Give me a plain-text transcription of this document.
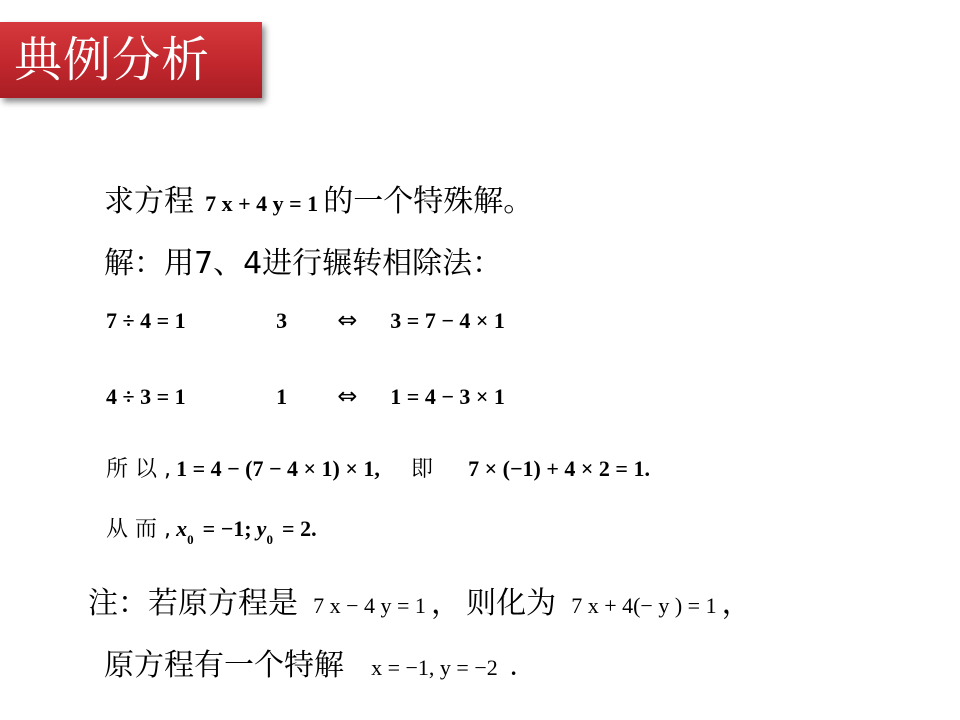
典例分析
求方程 7 x + 4 y = 1 的一个特殊解。
解：用7、4进行辗转相除法：
7 ÷ 4 = 1	3 ⇔ 3 = 7 − 4 × 1
4 ÷ 3 = 1	1 ⇔ 1 = 4 − 3 × 1
所 以 , 1 = 4 − (7 − 4 × 1) × 1, 即 7 × (−1) + 4 × 2 = 1.
从 而 , $x_0 = -1$; $y_0 = 2$.
注：若原方程是 7 x − 4 y = 1 ， 则化为 7 x + 4(− y ) = 1 ，
原方程有一个特解 x = −1, y = −2 .
